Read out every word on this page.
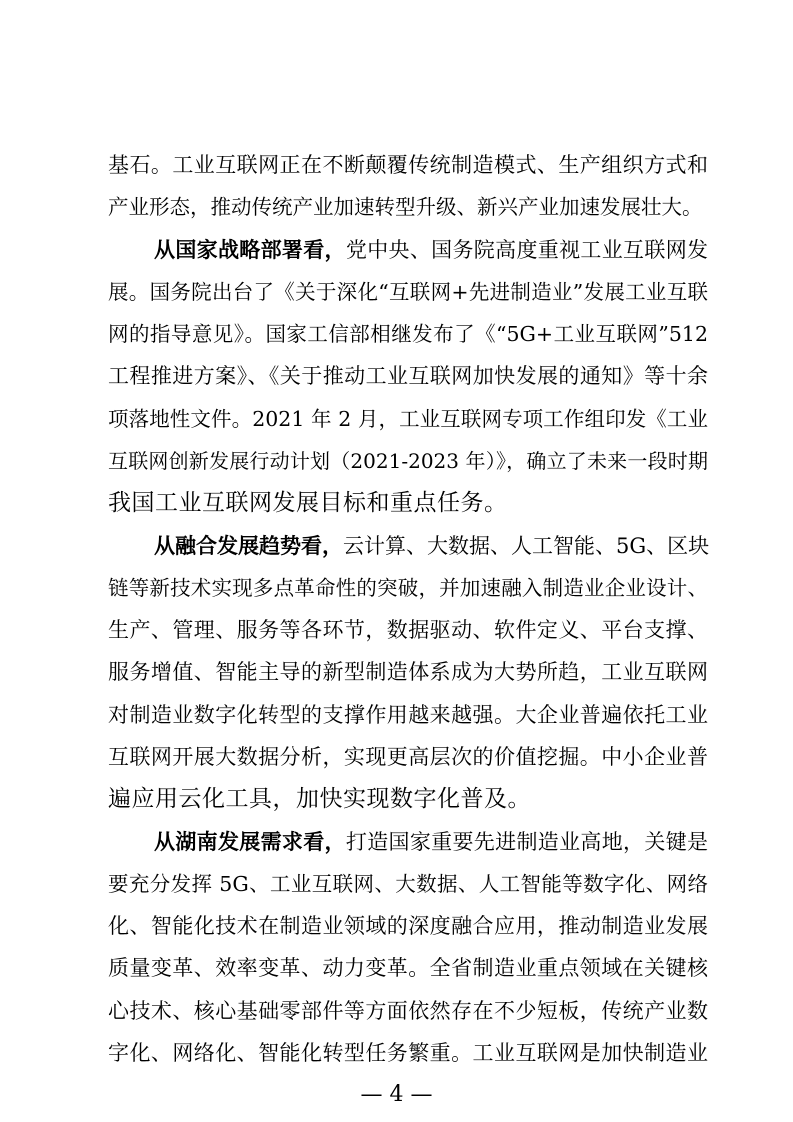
基石。工业互联网正在不断颠覆传统制造模式、生产组织方式和
产业形态，推动传统产业加速转型升级、新兴产业加速发展壮大。
从国家战略部署看，党中央、国务院高度重视工业互联网发
展。国务院出台了《关于深化“互联网+先进制造业”发展工业互联
网的指导意见》。国家工信部相继发布了《“5G+工业互联网”512
工程推进方案》、《关于推动工业互联网加快发展的通知》等十余
项落地性文件。2021 年 2 月，工业互联网专项工作组印发《工业
互联网创新发展行动计划（2021-2023 年）》，确立了未来一段时期
我国工业互联网发展目标和重点任务。
从融合发展趋势看，云计算、大数据、人工智能、5G、区块
链等新技术实现多点革命性的突破，并加速融入制造业企业设计、
生产、管理、服务等各环节，数据驱动、软件定义、平台支撑、
服务增值、智能主导的新型制造体系成为大势所趋，工业互联网
对制造业数字化转型的支撑作用越来越强。大企业普遍依托工业
互联网开展大数据分析，实现更高层次的价值挖掘。中小企业普
遍应用云化工具，加快实现数字化普及。
从湖南发展需求看，打造国家重要先进制造业高地，关键是
要充分发挥 5G、工业互联网、大数据、人工智能等数字化、网络
化、智能化技术在制造业领域的深度融合应用，推动制造业发展
质量变革、效率变革、动力变革。全省制造业重点领域在关键核
心技术、核心基础零部件等方面依然存在不少短板，传统产业数
字化、网络化、智能化转型任务繁重。工业互联网是加快制造业
— 4 —
